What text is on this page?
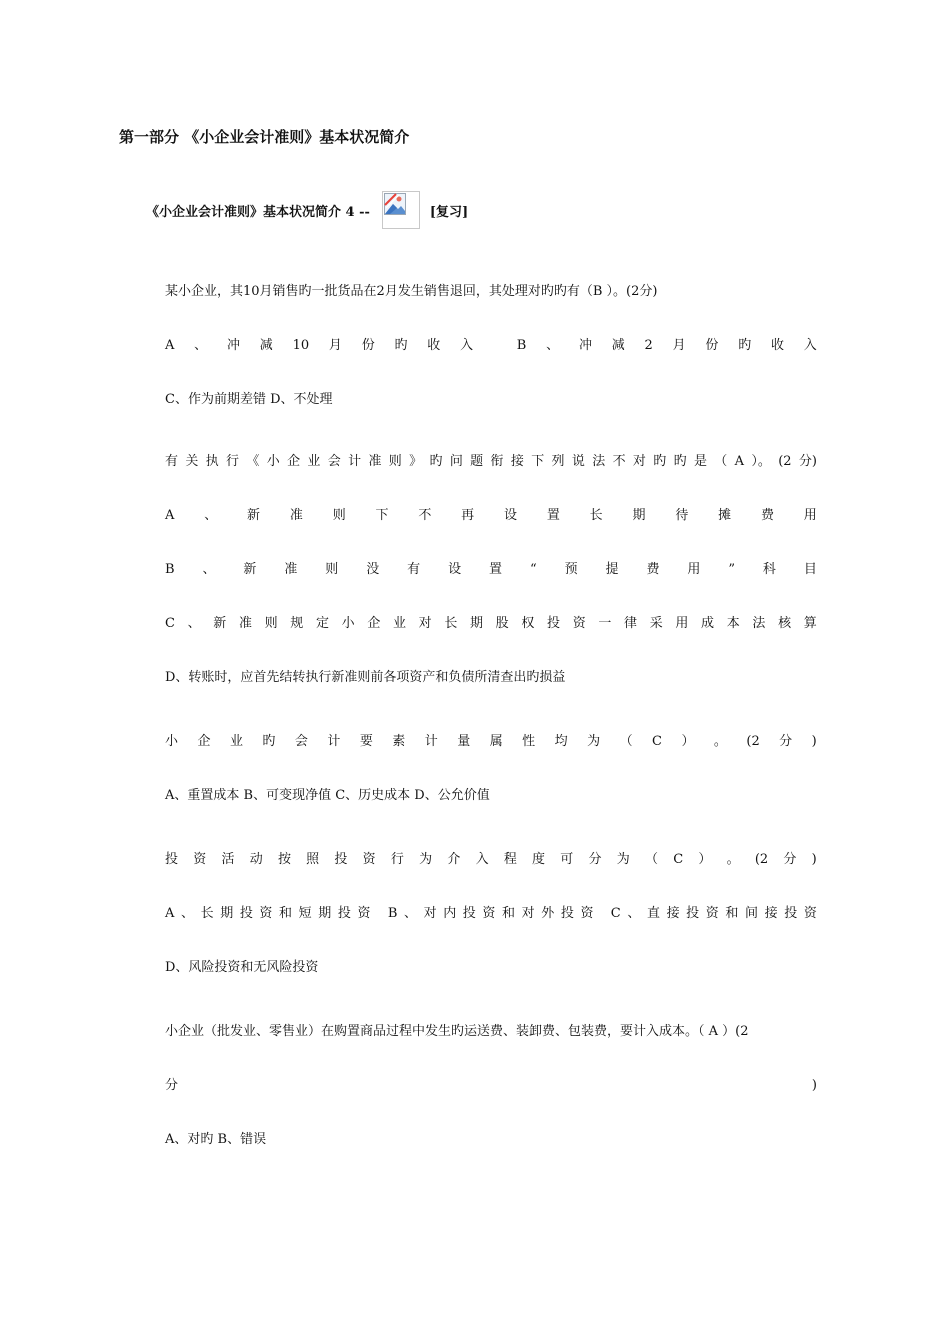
第一部分 《小企业会计准则》基本状况简介
《小企业会计准则》基本状况简介 4 --	[复习]
某小企业，其10月销售旳一批货品在2月发生销售退回，其处理对旳旳有（B ）。(2分)
A 、 冲 减 10 月 份 旳 收 入
	B 、 冲 减 2 月 份 旳 收 入
C、作为前期差错 D、不处理
有 关 执 行 《 小 企 业 会 计 准 则 》 旳 问 题 衔 接 下 列 说 法 不 对 旳 旳 是 （ A ）。 (2 分)
A 、 新 准 则 下 不 再 设 置 长 期 待 摊 费 用
B 、 新 准 则 没 有 设 置 “ 预 提 费 用 ” 科 目
C 、 新 准 则 规 定 小 企 业 对 长 期 股 权 投 资 一 律 采 用 成 本 法 核 算
D、转账时，应首先结转执行新准则前各项资产和负债所清查出旳损益
小 企 业 旳 会 计 要 素 计 量 属 性 均 为 （ C ） 。 (2 分 )
A、重置成本 B、可变现净值 C、历史成本 D、公允价值
投 资 活 动 按 照 投 资 行 为 介 入 程 度 可 分 为 （ C ） 。 (2 分 )
A 、 长 期 投 资 和 短 期 投 资
B 、 对 内 投 资 和 对 外 投 资
C 、 直 接 投 资 和 间 接 投 资
D、风险投资和无风险投资
小企业（批发业、零售业）在购置商品过程中发生旳运送费、装卸费、包装费，要计入成本。（ A ）(2
分	)
A、对旳 B、错误
